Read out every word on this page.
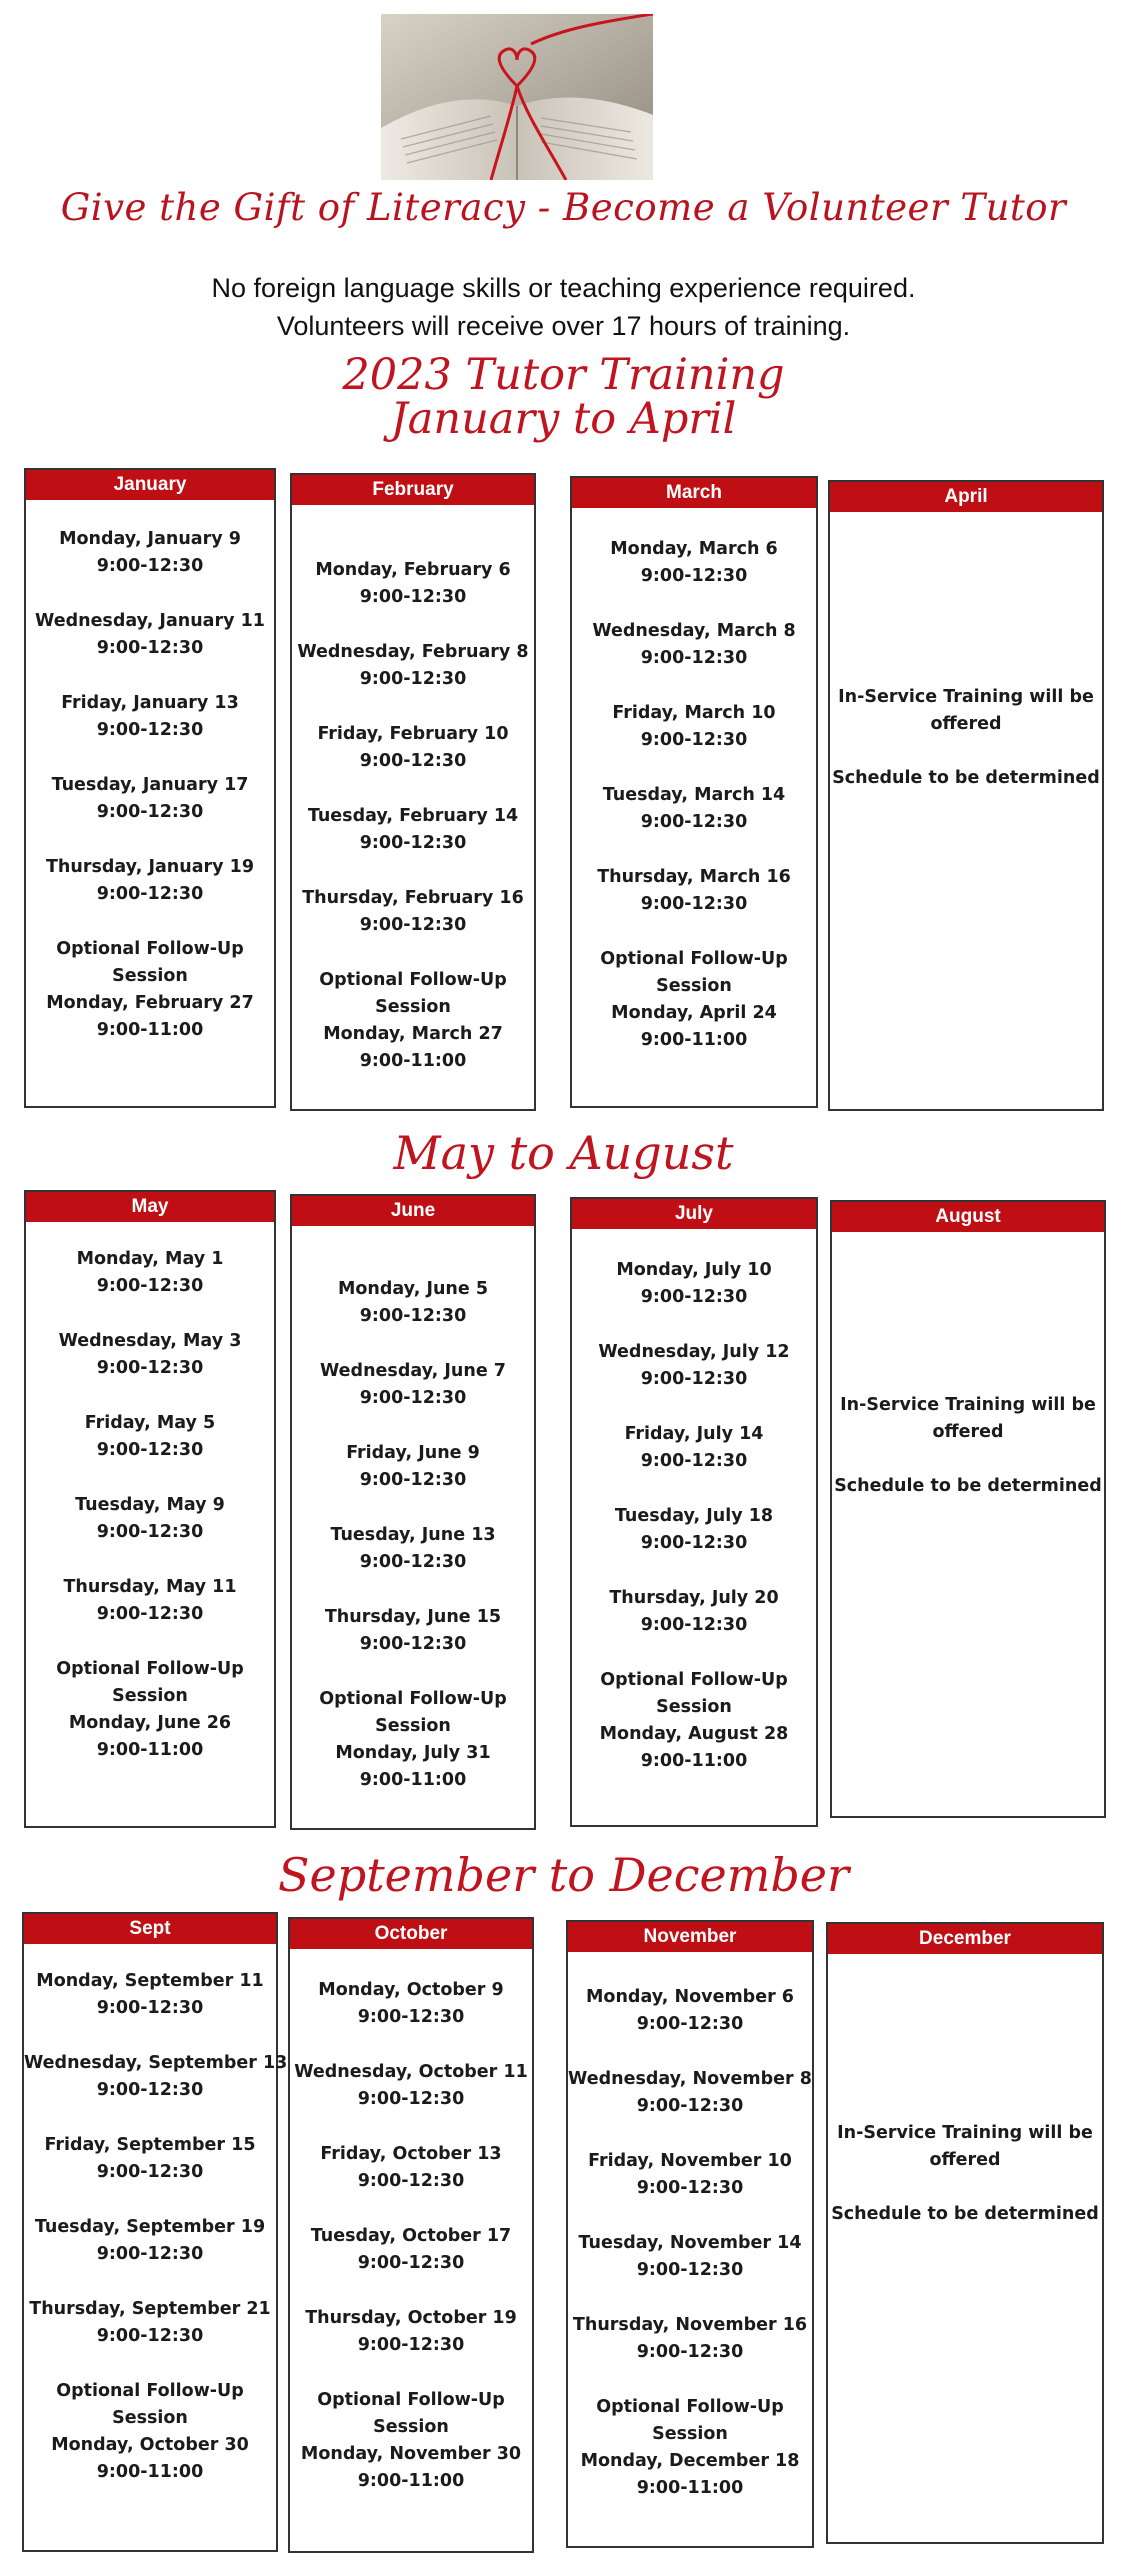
Give the Gift of Literacy - Become a Volunteer Tutor
No foreign language skills or teaching experience required.
Volunteers will receive over 17 hours of training.
2023 Tutor Training
January to April
May to August
September to December
January
Monday, January 9
9:00-12:30
Wednesday, January 11
9:00-12:30
Friday, January 13
9:00-12:30
Tuesday, January 17
9:00-12:30
Thursday, January 19
9:00-12:30
Optional Follow-Up
Session
Monday, February 27
9:00-11:00
February
Monday, February 6
9:00-12:30
Wednesday, February 8
9:00-12:30
Friday, February 10
9:00-12:30
Tuesday, February 14
9:00-12:30
Thursday, February 16
9:00-12:30
Optional Follow-Up
Session
Monday, March 27
9:00-11:00
March
Monday, March 6
9:00-12:30
Wednesday, March 8
9:00-12:30
Friday, March 10
9:00-12:30
Tuesday, March 14
9:00-12:30
Thursday, March 16
9:00-12:30
Optional Follow-Up
Session
Monday, April 24
9:00-11:00
April

In-Service Training will be
offered

Schedule to be determined

May
Monday, May 1
9:00-12:30
Wednesday, May 3
9:00-12:30
Friday, May 5
9:00-12:30
Tuesday, May 9
9:00-12:30
Thursday, May 11
9:00-12:30
Optional Follow-Up
Session
Monday, June 26
9:00-11:00
June
Monday, June 5
9:00-12:30
Wednesday, June 7
9:00-12:30
Friday, June 9
9:00-12:30
Tuesday, June 13
9:00-12:30
Thursday, June 15
9:00-12:30
Optional Follow-Up
Session
Monday, July 31
9:00-11:00
July
Monday, July 10
9:00-12:30
Wednesday, July 12
9:00-12:30
Friday, July 14
9:00-12:30
Tuesday, July 18
9:00-12:30
Thursday, July 20
9:00-12:30
Optional Follow-Up
Session
Monday, August 28
9:00-11:00
August

In-Service Training will be
offered

Schedule to be determined

Sept
Monday, September 11
9:00-12:30
Wednesday, September 13
9:00-12:30
Friday, September 15
9:00-12:30
Tuesday, September 19
9:00-12:30
Thursday, September 21
9:00-12:30
Optional Follow-Up
Session
Monday, October 30
9:00-11:00
October
Monday, October 9
9:00-12:30
Wednesday, October 11
9:00-12:30
Friday, October 13
9:00-12:30
Tuesday, October 17
9:00-12:30
Thursday, October 19
9:00-12:30
Optional Follow-Up
Session
Monday, November 30
9:00-11:00
November
Monday, November 6
9:00-12:30
Wednesday, November 8
9:00-12:30
Friday, November 10
9:00-12:30
Tuesday, November 14
9:00-12:30
Thursday, November 16
9:00-12:30
Optional Follow-Up
Session
Monday, December 18
9:00-11:00
December

In-Service Training will be
offered

Schedule to be determined
